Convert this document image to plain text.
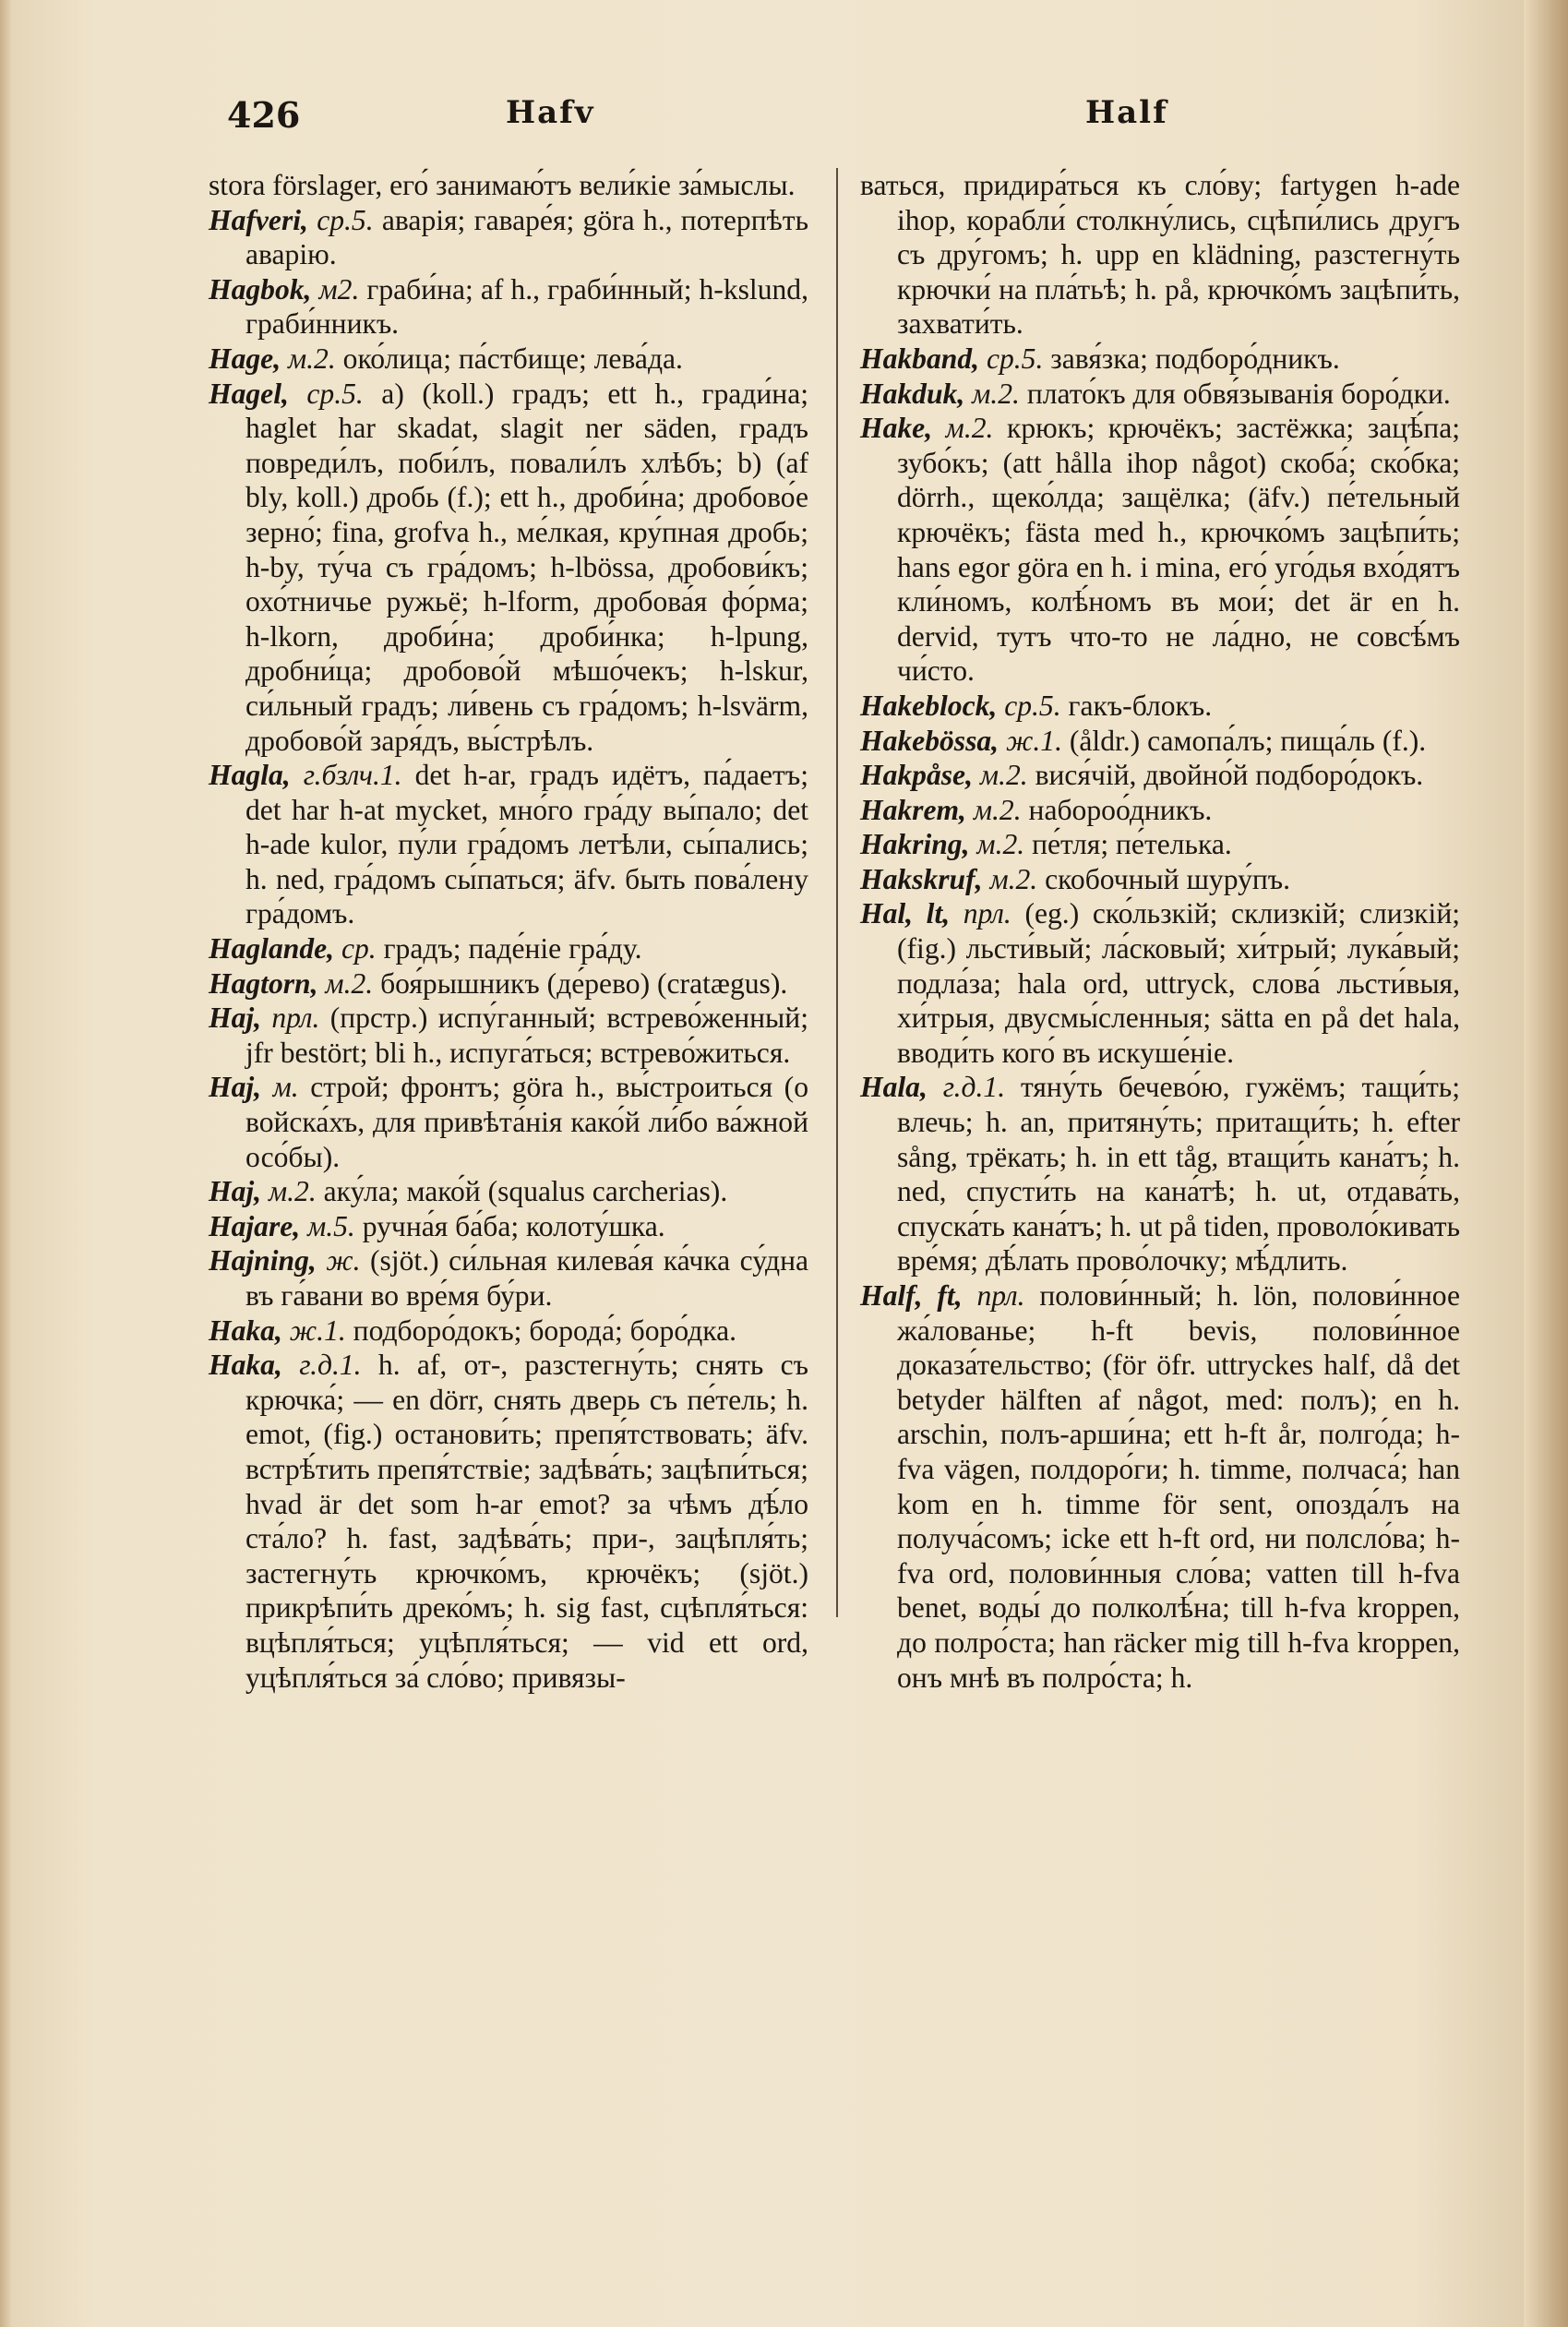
426	Hafv	Half

stora förslager, его́ занимаю́тъ вели́кіе за́мыслы.

Hafveri, ср.5. аварія; гаваре́я; göra h., потерпѣть аварію.

Hagbok, м2. граби́на; af h., граби́нный; h-kslund, граби́нникъ.

Hage, м.2. око́лица; па́стбище; лева́да.

Hagel, ср.5. а) (koll.) градъ; ett h., гради́на; haglet har skadat, slagit ner säden, градъ повреди́лъ, поби́лъ, повали́лъ хлѣбъ; b) (af bly, koll.) дробь (f.); ett h., дроби́на; дробово́е зерно́; fina, grofva h., ме́лкая, кру́пная дробь; h-by, ту́ча съ гра́домъ; h-lbössa, дробови́къ; охо́тничье ружьё; h-lform, дробова́я фо́рма; h-lkorn, дроби́на; дроби́нка; h-lpung, дробни́ца; дробово́й мѣшо́чекъ; h-lskur, си́льный градъ; ли́вень съ гра́домъ; h-lsvärm, дробово́й заря́дъ, вы́стрѣлъ.

Hagla, г.бзлч.1. det h-ar, градъ идётъ, па́даетъ; det har h-at mycket, мно́го гра́ду вы́пало; det h-ade kulor, пу́ли гра́домъ летѣли, сы́пались; h. ned, гра́домъ сы́паться; äfv. быть пова́лену гра́домъ.

Haglande, ср. градъ; паде́ніе гра́ду.

Hagtorn, м.2. боя́рышникъ (де́рево) (cratægus).

Haj, прл. (прстр.) испу́ганный; встрево́женный; jfr bestört; bli h., испуга́ться; встрево́житься.

Haj, м. строй; фронтъ; göra h., вы́строиться (о войска́хъ, для привѣта́нія како́й ли́бо ва́жной осо́бы).

Haj, м.2. аку́ла; мако́й (squalus carcherias).

Hajare, м.5. ручна́я ба́ба; колоту́шка.

Hajning, ж. (sjöt.) си́льная килева́я ка́чка су́дна въ га́вани во вре́мя бу́ри.

Haka, ж.1. подборо́докъ; борода́; боро́дка.

Haka, г.д.1. h. af, от-, разстегну́ть; снять съ крючка́; — en dörr, снять дверь съ пе́тель; h. emot, (fig.) останови́ть; препя́тствовать; äfv. встрѣ́тить препя́тствіе; задѣва́ть; зацѣпи́ться; hvad är det som h-ar emot? за чѣмъ дѣ́ло ста́ло? h. fast, задѣва́ть; при-, зацѣпля́ть; застегну́ть крючко́мъ, крючёкъ; (sjöt.) прикрѣпи́ть дреко́мъ; h. sig fast, сцѣпля́ться: вцѣпля́ться; уцѣпля́ться; — vid ett ord, уцѣпля́ться за́ сло́во; привязы-

ваться, придира́ться къ сло́ву; fartygen h-ade ihop, корабли́ столкну́лись, сцѣпи́лись другъ съ дру́гомъ; h. upp en klädning, разстегну́ть крючки́ на пла́тьѣ; h. på, крючко́мъ зацѣпи́ть, захвати́ть.

Hakband, ср.5. завя́зка; подборо́дникъ.

Hakduk, м.2. плато́къ для обвя́зыванія боро́дки.

Hake, м.2. крюкъ; крючёкъ; застёжка; зацѣ́па; зубо́къ; (att hålla ihop något) скоба́; ско́бка; dörrh., щеко́лда; защёлка; (äfv.) пе́тельный крючёкъ; fästa med h., крючко́мъ зацѣпи́ть; hans egor göra en h. i mina, его́ уго́дья вхо́дятъ кли́номъ, колѣ́номъ въ мои́; det är en h. dervid, тутъ что-то не ла́дно, не совсѣ́мъ чи́сто.

Hakeblock, ср.5. гакъ-блокъ.

Hakebössa, ж.1. (åldr.) самопа́лъ; пища́ль (f.).

Hakpåse, м.2. вися́чій, двойно́й подборо́докъ.

Hakrem, м.2. набороо́дникъ.

Hakring, м.2. пе́тля; пе́телька.

Hakskruf, м.2. скобочный шуру́пъ.

Hal, lt, прл. (eg.) ско́льзкій; склизкій; слизкій; (fig.) льсти́вый; ла́сковый; хи́трый; лука́вый; подла́за; hala ord, uttryck, слова́ льсти́выя, хи́трыя, двусмы́сленныя; sätta en på det hala, вводи́ть кого́ въ искуше́ніе.

Hala, г.д.1. тяну́ть бечево́ю, гужёмъ; тащи́ть; влечь; h. an, притяну́ть; притащи́ть; h. efter sång, трёкать; h. in ett tåg, втащи́ть кана́тъ; h. ned, спусти́ть на кана́тѣ; h. ut, отдава́ть, спуска́ть кана́тъ; h. ut på tiden, проволо́кивать вре́мя; дѣ́лать прово́лочку; мѣ́длить.

Half, ft, прл. полови́нный; h. lön, полови́нное жа́лованье; h-ft bevis, полови́нное доказа́тельство; (för öfr. uttryckes half, då det betyder hälften af något, med: полъ); en h. arschin, полъ-арши́на; ett h-ft år, полго́да; h-fva vägen, полдоро́ги; h. timme, полчаса́; han kom en h. timme för sent, опозда́лъ на получа́сомъ; icke ett h-ft ord, ни полсло́ва; h-fva ord, полови́нныя сло́ва; vatten till h-fva benet, воды́ до полколѣ́на; till h-fva kroppen, до полро́ста; han räcker mig till h-fva kroppen, онъ мнѣ въ полро́ста; h.
